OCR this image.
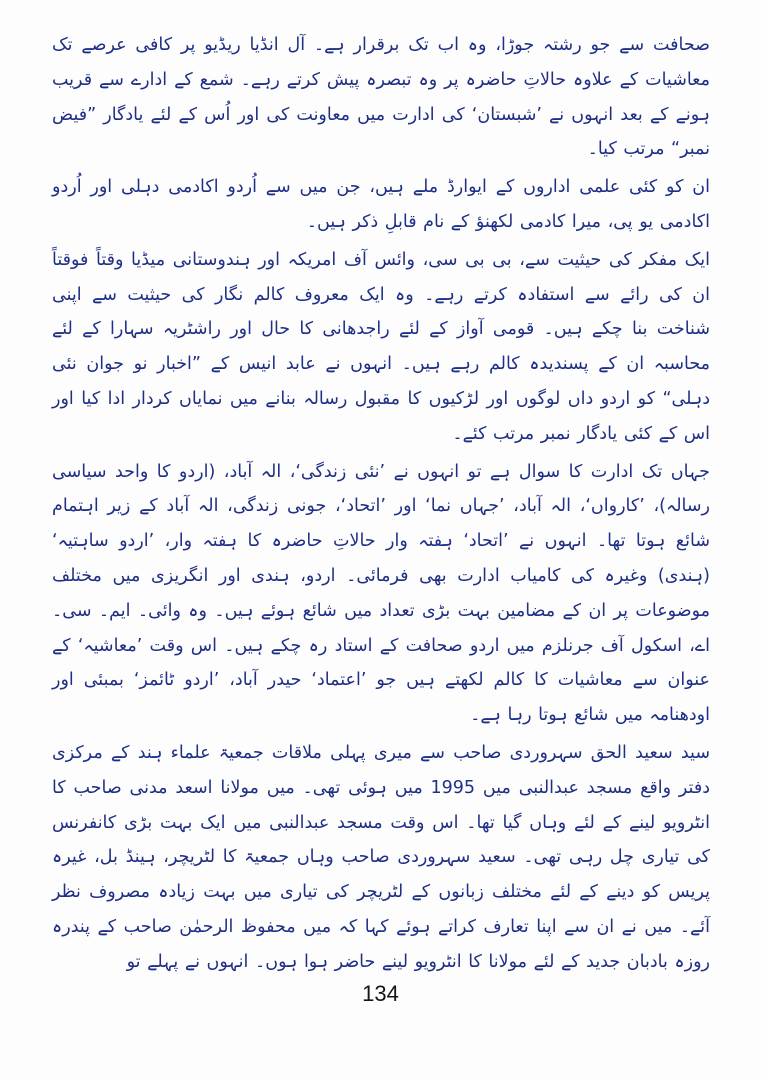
صحافت سے جو رشتہ جوڑا، وہ اب تک برقرار ہے۔ آل انڈیا ریڈیو پر کافی عرصے تک معاشیات کے علاوہ حالاتِ حاضرہ پر وہ تبصرہ پیش کرتے رہے۔ شمع کے ادارے سے قریب ہونے کے بعد انہوں نے ’شبستان‘ کی ادارت میں معاونت کی اور اُس کے لئے یادگار ”فیض نمبر“ مرتب کیا۔

ان کو کئی علمی اداروں کے ایوارڈ ملے ہیں، جن میں سے اُردو اکادمی دہلی اور اُردو اکادمی یو پی، میرا کادمی لکھنؤ کے نام قابلِ ذکر ہیں۔

ایک مفکر کی حیثیت سے، بی بی سی، وائس آف امریکہ اور ہندوستانی میڈیا وقتاً فوقتاً ان کی رائے سے استفادہ کرتے رہے۔ وہ ایک معروف کالم نگار کی حیثیت سے اپنی شناخت بنا چکے ہیں۔ قومی آواز کے لئے راجدھانی کا حال اور راشٹریہ سہارا کے لئے محاسبہ ان کے پسندیدہ کالم رہے ہیں۔ انہوں نے عابد انیس کے ”اخبار نو جوان نئی دہلی“ کو اردو داں لوگوں اور لڑکیوں کا مقبول رسالہ بنانے میں نمایاں کردار ادا کیا اور اس کے کئی یادگار نمبر مرتب کئے۔

جہاں تک ادارت کا سوال ہے تو انہوں نے ’نئی زندگی‘، الہ آباد، (اردو کا واحد سیاسی رسالہ)، ’کارواں‘، الہ آباد، ’جہاں نما‘ اور ’اتحاد‘، جونی زندگی، الہ آباد کے زیر اہتمام شائع ہوتا تھا۔ انہوں نے ’اتحاد‘ ہفتہ وار حالاتِ حاضرہ کا ہفتہ وار، ’اردو ساہتیہ‘ (ہندی) وغیرہ کی کامیاب ادارت بھی فرمائی۔ اردو، ہندی اور انگریزی میں مختلف موضوعات پر ان کے مضامین بہت بڑی تعداد میں شائع ہوئے ہیں۔ وہ وائی۔ ایم۔ سی۔ اے، اسکول آف جرنلزم میں اردو صحافت کے استاد رہ چکے ہیں۔ اس وقت ’معاشیہ‘ کے عنوان سے معاشیات کا کالم لکھتے ہیں جو ’اعتماد‘ حیدر آباد، ’اردو ٹائمز‘ بمبئی اور اودھنامہ میں شائع ہوتا رہا ہے۔

سید سعید الحق سہروردی صاحب سے میری پہلی ملاقات جمعیۃ علماء ہند کے مرکزی دفتر واقع مسجد عبدالنبی میں 1995 میں ہوئی تھی۔ میں مولانا اسعد مدنی صاحب کا انٹرویو لینے کے لئے وہاں گیا تھا۔ اس وقت مسجد عبدالنبی میں ایک بہت بڑی کانفرنس کی تیاری چل رہی تھی۔ سعید سہروردی صاحب وہاں جمعیۃ کا لٹریچر، ہینڈ بل، غیرہ پریس کو دینے کے لئے مختلف زبانوں کے لٹریچر کی تیاری میں بہت زیادہ مصروف نظر آئے۔ میں نے ان سے اپنا تعارف کراتے ہوئے کہا کہ میں محفوظ الرحمٰن صاحب کے پندرہ روزہ بادبان جدید کے لئے مولانا کا انٹرویو لینے حاضر ہوا ہوں۔ انہوں نے پہلے تو

134
